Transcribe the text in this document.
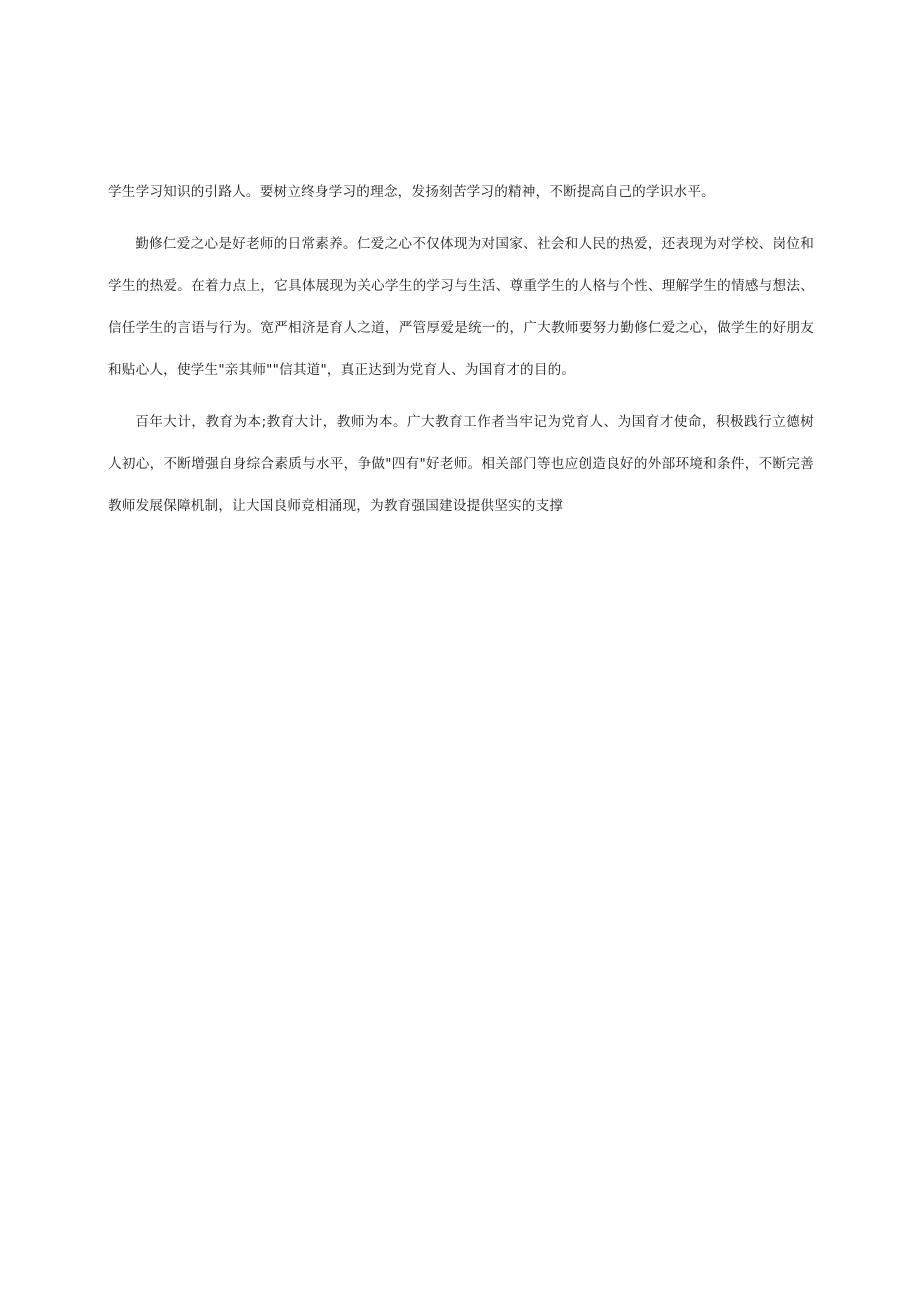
学生学习知识的引路人。要树立终身学习的理念，发扬刻苦学习的精神，不断提高自己的学识水平。

勤修仁爱之心是好老师的日常素养。仁爱之心不仅体现为对国家、社会和人民的热爱，还表现为对学校、岗位和学生的热爱。在着力点上，它具体展现为关心学生的学习与生活、尊重学生的人格与个性、理解学生的情感与想法、信任学生的言语与行为。宽严相济是育人之道，严管厚爱是统一的，广大教师要努力勤修仁爱之心，做学生的好朋友和贴心人，使学生"亲其师""信其道"，真正达到为党育人、为国育才的目的。

百年大计，教育为本;教育大计，教师为本。广大教育工作者当牢记为党育人、为国育才使命，积极践行立德树人初心，不断增强自身综合素质与水平，争做"四有"好老师。相关部门等也应创造良好的外部环境和条件，不断完善教师发展保障机制，让大国良师竞相涌现，为教育强国建设提供坚实的支撑
